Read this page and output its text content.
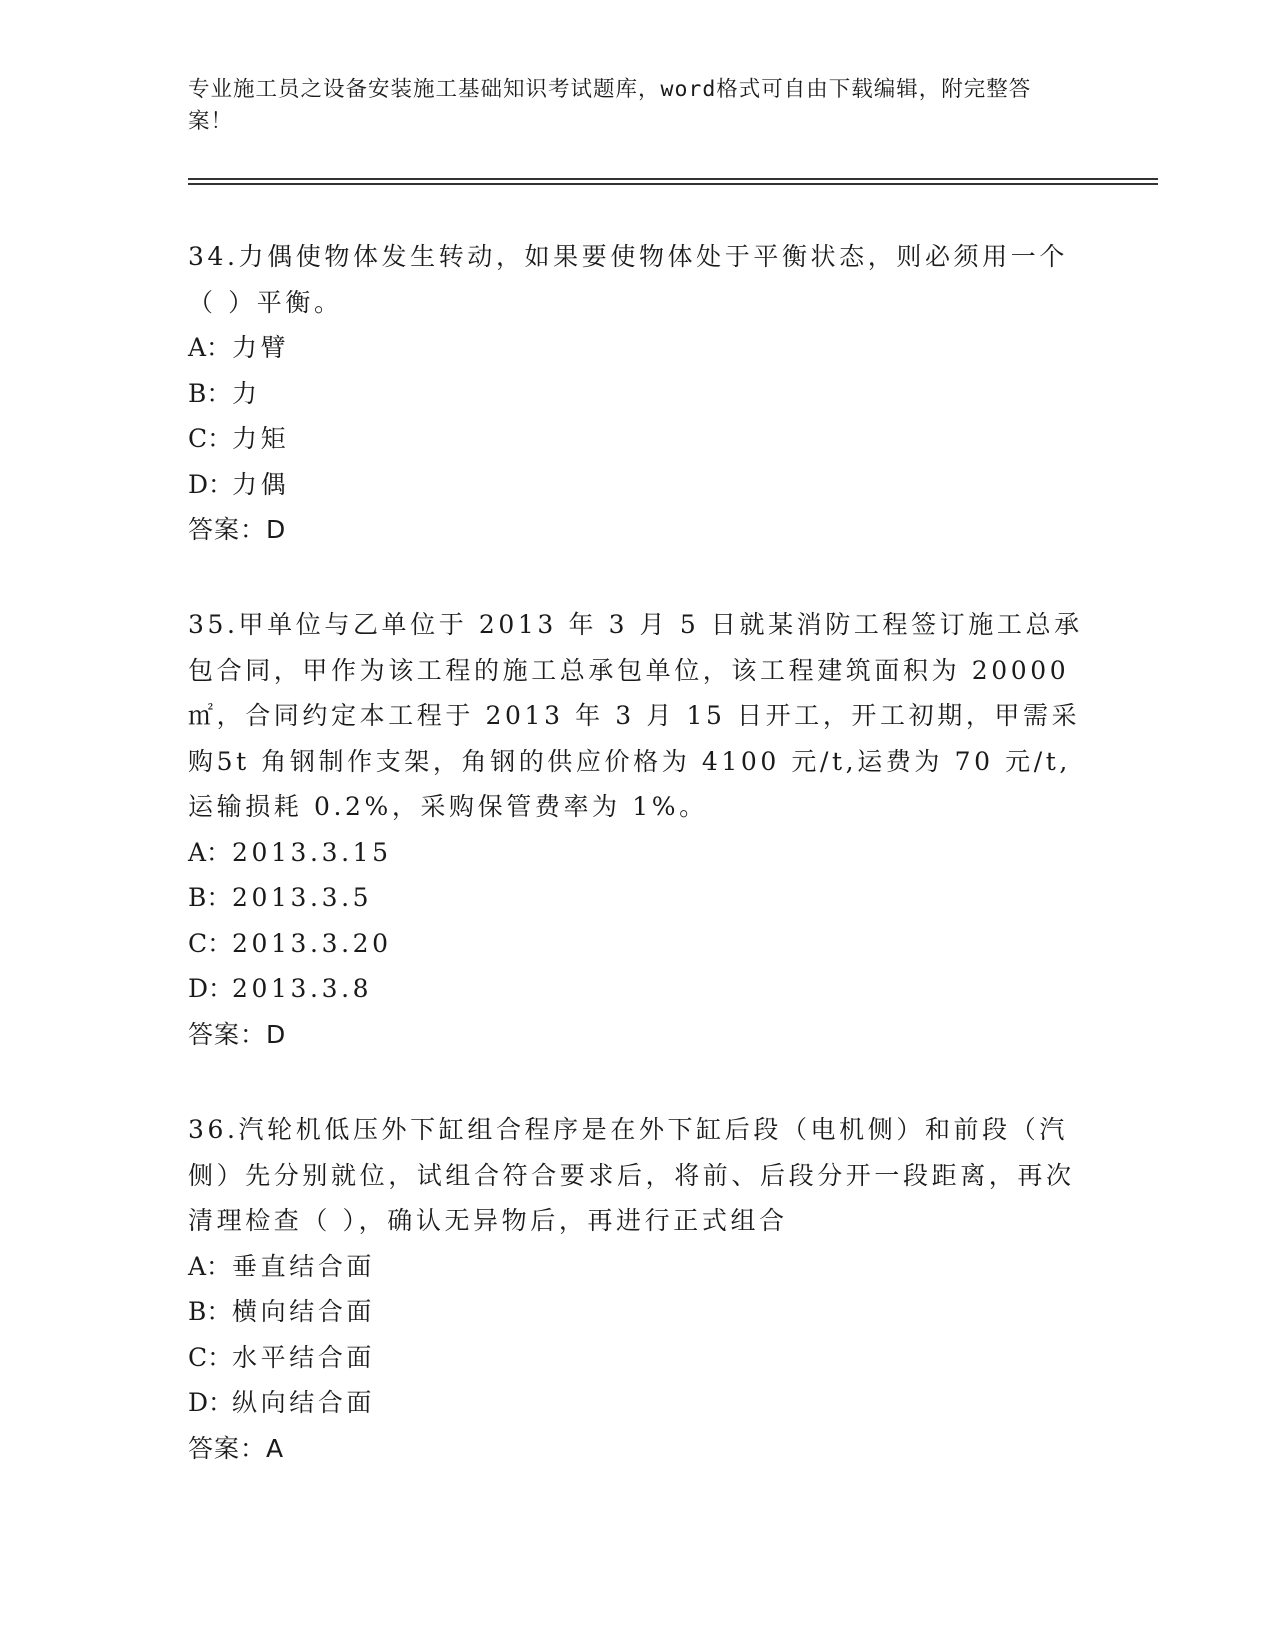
专业施工员之设备安装施工基础知识考试题库，word格式可自由下载编辑，附完整答案！
34.力偶使物体发生转动，如果要使物体处于平衡状态，则必须用一个（ ）平衡。
A：力臂
B：力
C：力矩
D：力偶
答案：D
35.甲单位与乙单位于 2013 年 3 月 5 日就某消防工程签订施工总承包合同，甲作为该工程的施工总承包单位，该工程建筑面积为 20000㎡，合同约定本工程于 2013 年 3 月 15 日开工，开工初期，甲需采购5t 角钢制作支架，角钢的供应价格为 4100 元/t,运费为 70 元/t,运输损耗 0.2%，采购保管费率为 1%。
A：2013.3.15
B：2013.3.5
C：2013.3.20
D：2013.3.8
答案：D
36.汽轮机低压外下缸组合程序是在外下缸后段（电机侧）和前段（汽侧）先分别就位，试组合符合要求后，将前、后段分开一段距离，再次清理检查（ ），确认无异物后，再进行正式组合
A：垂直结合面
B：横向结合面
C：水平结合面
D：纵向结合面
答案：A
